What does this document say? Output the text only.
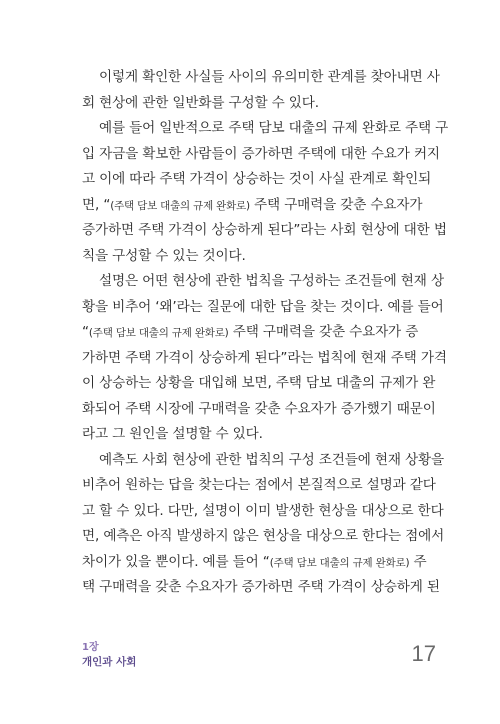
이렇게 확인한 사실들 사이의 유의미한 관계를 찾아내면 사
회 현상에 관한 일반화를 구성할 수 있다.

예를 들어 일반적으로 주택 담보 대출의 규제 완화로 주택 구
입 자금을 확보한 사람들이 증가하면 주택에 대한 수요가 커지
고 이에 따라 주택 가격이 상승하는 것이 사실 관계로 확인되
면, “(주택 담보 대출의 규제 완화로) 주택 구매력을 갖춘 수요자가
증가하면 주택 가격이 상승하게 된다”라는 사회 현상에 대한 법
칙을 구성할 수 있는 것이다.

설명은 어떤 현상에 관한 법칙을 구성하는 조건들에 현재 상
황을 비추어 ‘왜’라는 질문에 대한 답을 찾는 것이다. 예를 들어
“(주택 담보 대출의 규제 완화로) 주택 구매력을 갖춘 수요자가 증
가하면 주택 가격이 상승하게 된다”라는 법칙에 현재 주택 가격
이 상승하는 상황을 대입해 보면, 주택 담보 대출의 규제가 완
화되어 주택 시장에 구매력을 갖춘 수요자가 증가했기 때문이
라고 그 원인을 설명할 수 있다.

예측도 사회 현상에 관한 법칙의 구성 조건들에 현재 상황을
비추어 원하는 답을 찾는다는 점에서 본질적으로 설명과 같다
고 할 수 있다. 다만, 설명이 이미 발생한 현상을 대상으로 한다
면, 예측은 아직 발생하지 않은 현상을 대상으로 한다는 점에서
차이가 있을 뿐이다. 예를 들어 “(주택 담보 대출의 규제 완화로) 주
택 구매력을 갖춘 수요자가 증가하면 주택 가격이 상승하게 된

1장
개인과 사회	17
